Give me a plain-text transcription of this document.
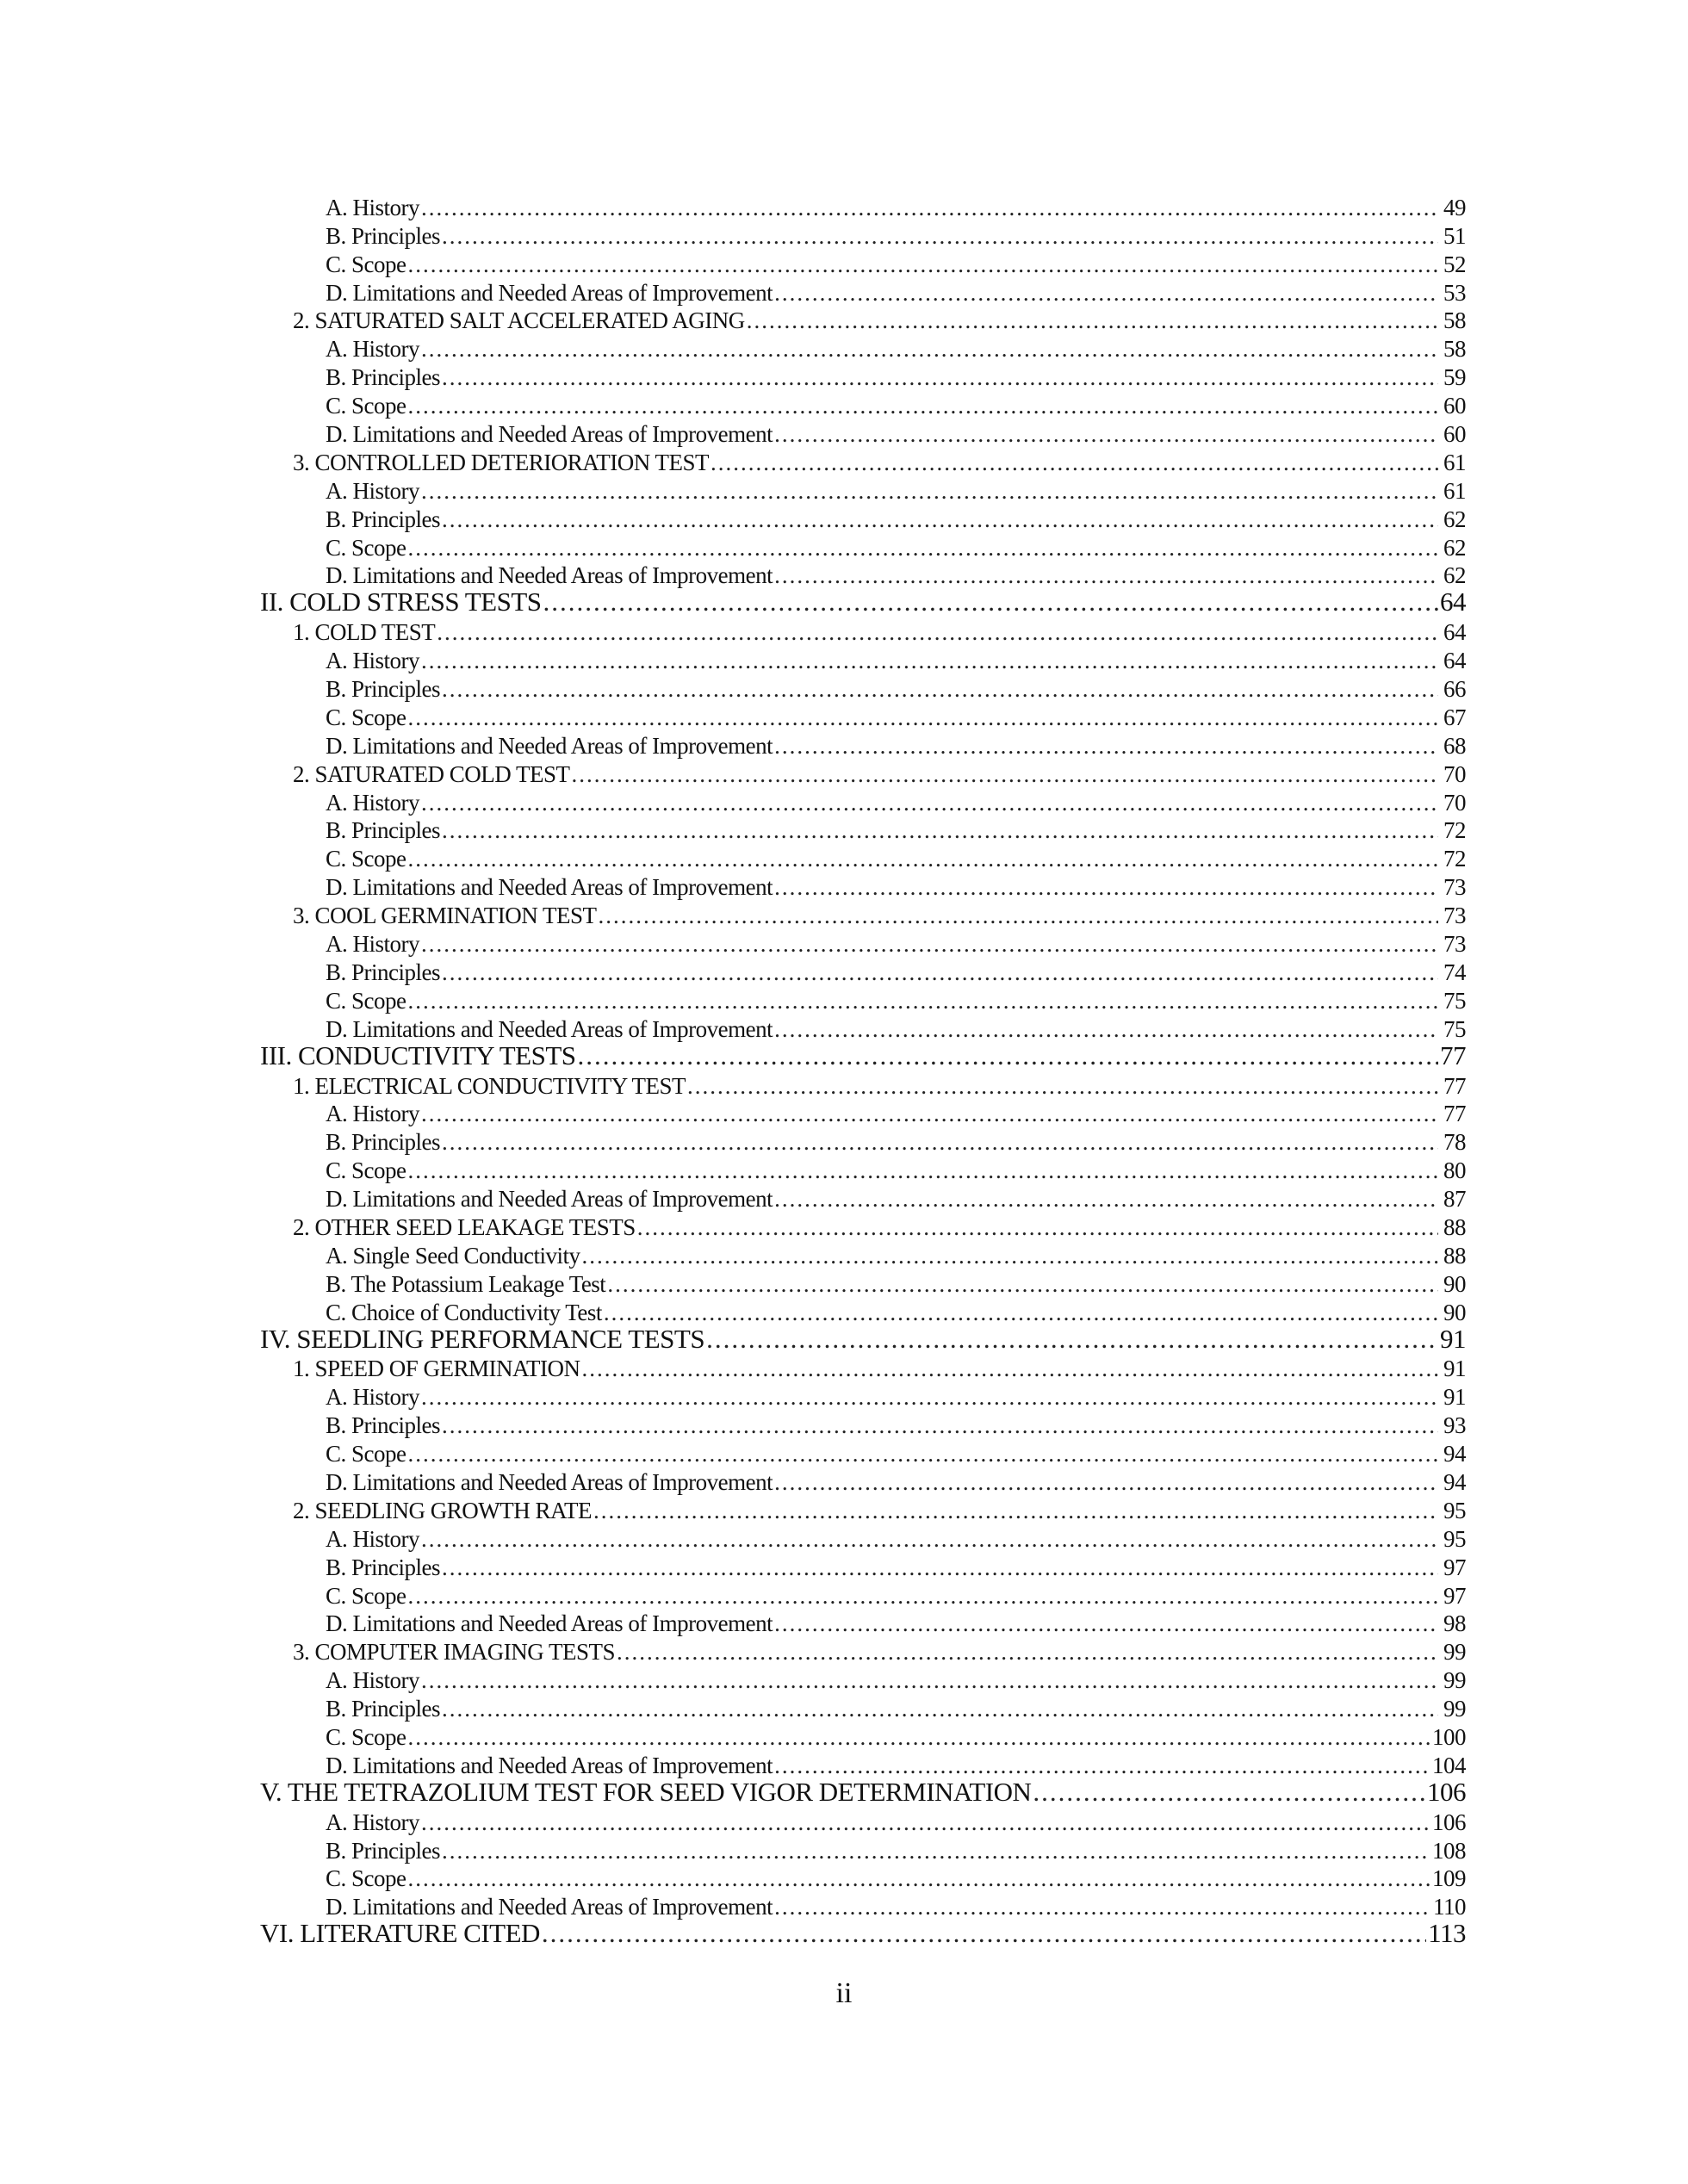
A. History .....	49
B. Principles .....	51
C. Scope .....	52
D. Limitations and Needed Areas of Improvement .....	53
2. SATURATED SALT ACCELERATED AGING .....	58
A. History .....	58
B. Principles .....	59
C. Scope .....	60
D. Limitations and Needed Areas of Improvement .....	60
3. CONTROLLED DETERIORATION TEST .....	61
A. History .....	61
B. Principles .....	62
C. Scope .....	62
D. Limitations and Needed Areas of Improvement .....	62
II. COLD STRESS TESTS .....	64
1. COLD TEST .....	64
A. History .....	64
B. Principles .....	66
C. Scope .....	67
D. Limitations and Needed Areas of Improvement .....	68
2. SATURATED COLD TEST .....	70
A. History .....	70
B. Principles .....	72
C. Scope .....	72
D. Limitations and Needed Areas of Improvement .....	73
3. COOL GERMINATION TEST .....	73
A. History .....	73
B. Principles .....	74
C. Scope .....	75
D. Limitations and Needed Areas of Improvement .....	75
III. CONDUCTIVITY TESTS .....	77
1. ELECTRICAL CONDUCTIVITY TEST .....	77
A. History .....	77
B. Principles .....	78
C. Scope .....	80
D. Limitations and Needed Areas of Improvement .....	87
2. OTHER SEED LEAKAGE TESTS .....	88
A. Single Seed Conductivity .....	88
B. The Potassium Leakage Test .....	90
C. Choice of Conductivity Test .....	90
IV. SEEDLING PERFORMANCE TESTS .....	91
1. SPEED OF GERMINATION .....	91
A. History .....	91
B. Principles .....	93
C. Scope .....	94
D. Limitations and Needed Areas of Improvement .....	94
2. SEEDLING GROWTH RATE .....	95
A. History .....	95
B. Principles .....	97
C. Scope .....	97
D. Limitations and Needed Areas of Improvement .....	98
3. COMPUTER IMAGING TESTS .....	99
A. History .....	99
B. Principles .....	99
C. Scope .....	100
D. Limitations and Needed Areas of Improvement .....	104
V. THE TETRAZOLIUM TEST FOR SEED VIGOR DETERMINATION .....	106
A. History .....	106
B. Principles .....	108
C. Scope .....	109
D. Limitations and Needed Areas of Improvement .....	110
VI. LITERATURE CITED .....	113
ii
